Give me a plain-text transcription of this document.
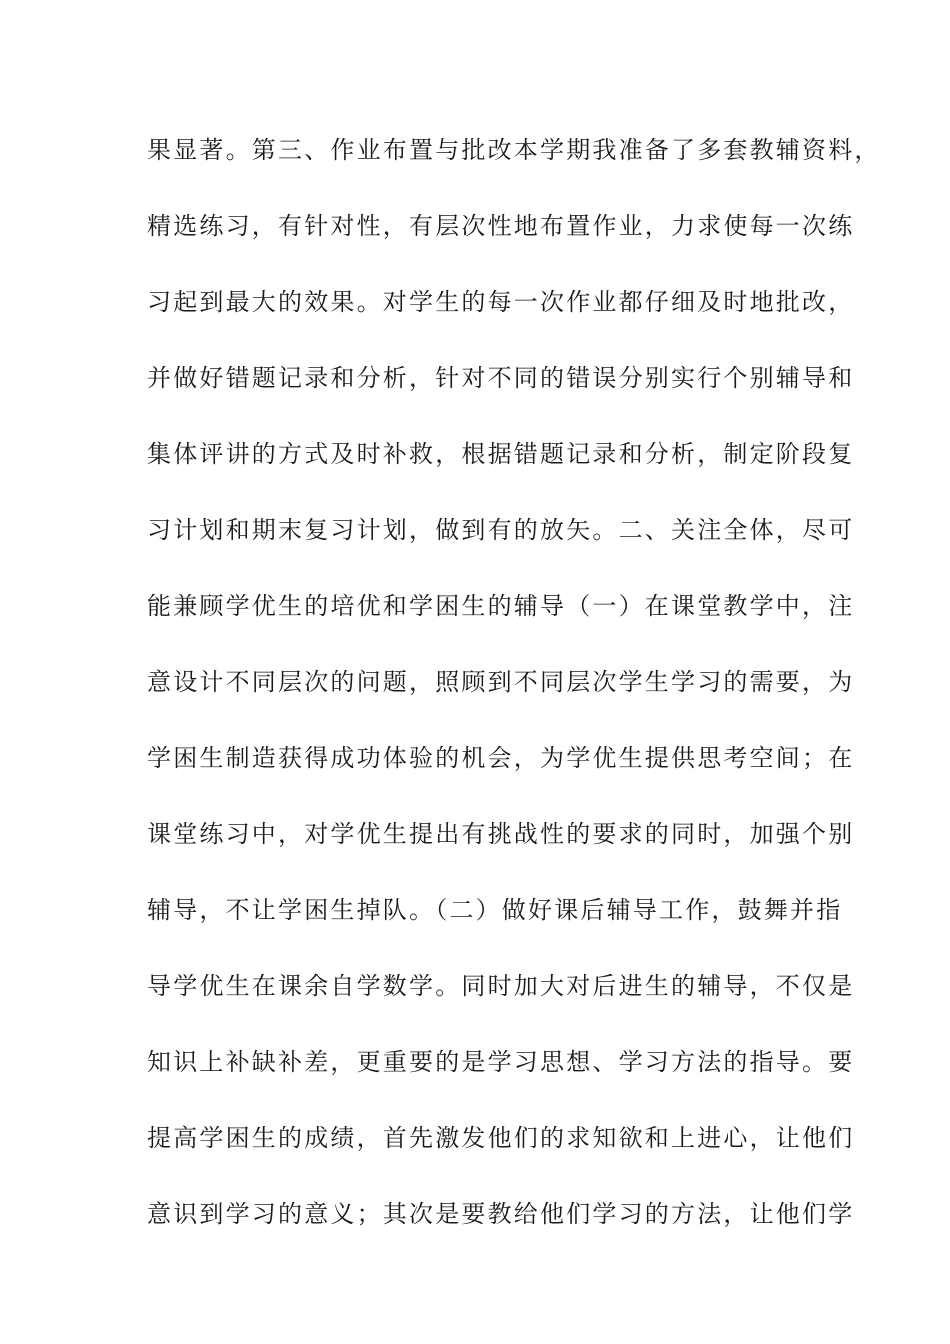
果显著。第三、作业布置与批改本学期我准备了多套教辅资料，
精选练习，有针对性，有层次性地布置作业，力求使每一次练
习起到最大的效果。对学生的每一次作业都仔细及时地批改，
并做好错题记录和分析，针对不同的错误分别实行个别辅导和
集体评讲的方式及时补救，根据错题记录和分析，制定阶段复
习计划和期末复习计划，做到有的放矢。二、关注全体，尽可
能兼顾学优生的培优和学困生的辅导（一）在课堂教学中，注
意设计不同层次的问题，照顾到不同层次学生学习的需要，为
学困生制造获得成功体验的机会，为学优生提供思考空间；在
课堂练习中，对学优生提出有挑战性的要求的同时，加强个别
辅导，不让学困生掉队。（二）做好课后辅导工作，鼓舞并指
导学优生在课余自学数学。同时加大对后进生的辅导，不仅是
知识上补缺补差，更重要的是学习思想、学习方法的指导。要
提高学困生的成绩，首先激发他们的求知欲和上进心，让他们
意识到学习的意义；其次是要教给他们学习的方法，让他们学
